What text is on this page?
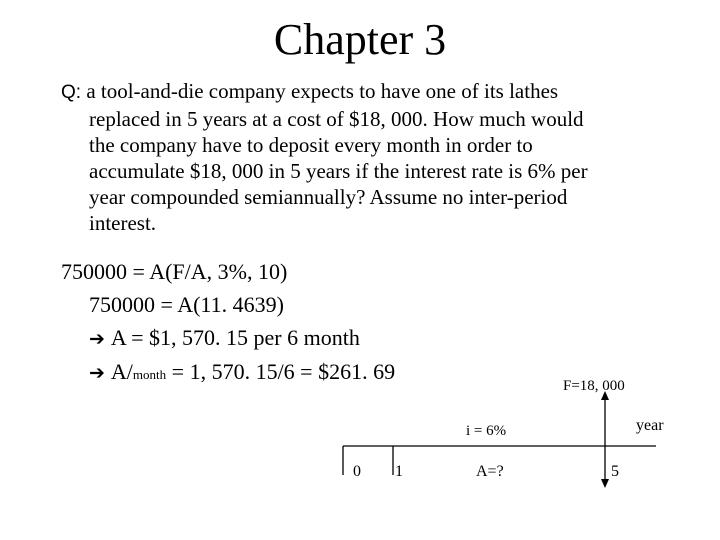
Chapter 3
Q: a tool-and-die company expects to have one of its lathes
replaced in 5 years at a cost of $18, 000. How much would
the company have to deposit every month in order to
accumulate $18, 000 in 5 years if the interest rate is 6% per
year compounded semiannually? Assume no inter-period
interest.
750000 = A(F/A, 3%, 10)
750000 = A(11. 4639)
➔ A = $1, 570. 15 per 6 month
➔ A/month = 1, 570. 15/6 = $261. 69
F=18, 000
year
i = 6%
0 1	A=?	5
